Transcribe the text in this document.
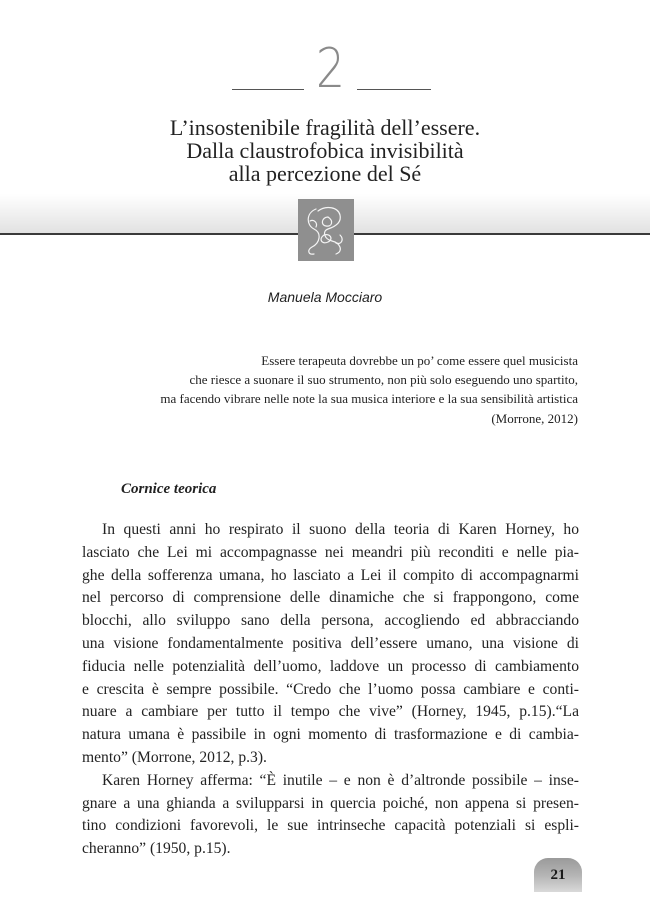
2
L’insostenibile fragilità dell’essere.
Dalla claustrofobica invisibilità
alla percezione del Sé
Manuela Mocciaro
Essere terapeuta dovrebbe un po’ come essere quel musicista
che riesce a suonare il suo strumento, non più solo eseguendo uno spartito,
ma facendo vibrare nelle note la sua musica interiore e la sua sensibilità artistica
(Morrone, 2012)
Cornice teorica
In questi anni ho respirato il suono della teoria di Karen Horney, ho
lasciato che Lei mi accompagnasse nei meandri più reconditi e nelle pia-
ghe della sofferenza umana, ho lasciato a Lei il compito di accompagnarmi
nel percorso di comprensione delle dinamiche che si frappongono, come
blocchi, allo sviluppo sano della persona, accogliendo ed abbracciando
una visione fondamentalmente positiva dell’essere umano, una visione di
fiducia nelle potenzialità dell’uomo, laddove un processo di cambiamento
e crescita è sempre possibile. “Credo che l’uomo possa cambiare e conti-
nuare a cambiare per tutto il tempo che vive” (Horney, 1945, p.15).“La
natura umana è passibile in ogni momento di trasformazione e di cambia-
mento” (Morrone, 2012, p.3).
Karen Horney afferma: “È inutile – e non è d’altronde possibile – inse-
gnare a una ghianda a svilupparsi in quercia poiché, non appena si presen-
tino condizioni favorevoli, le sue intrinseche capacità potenziali si espli-
cheranno” (1950, p.15).
21
